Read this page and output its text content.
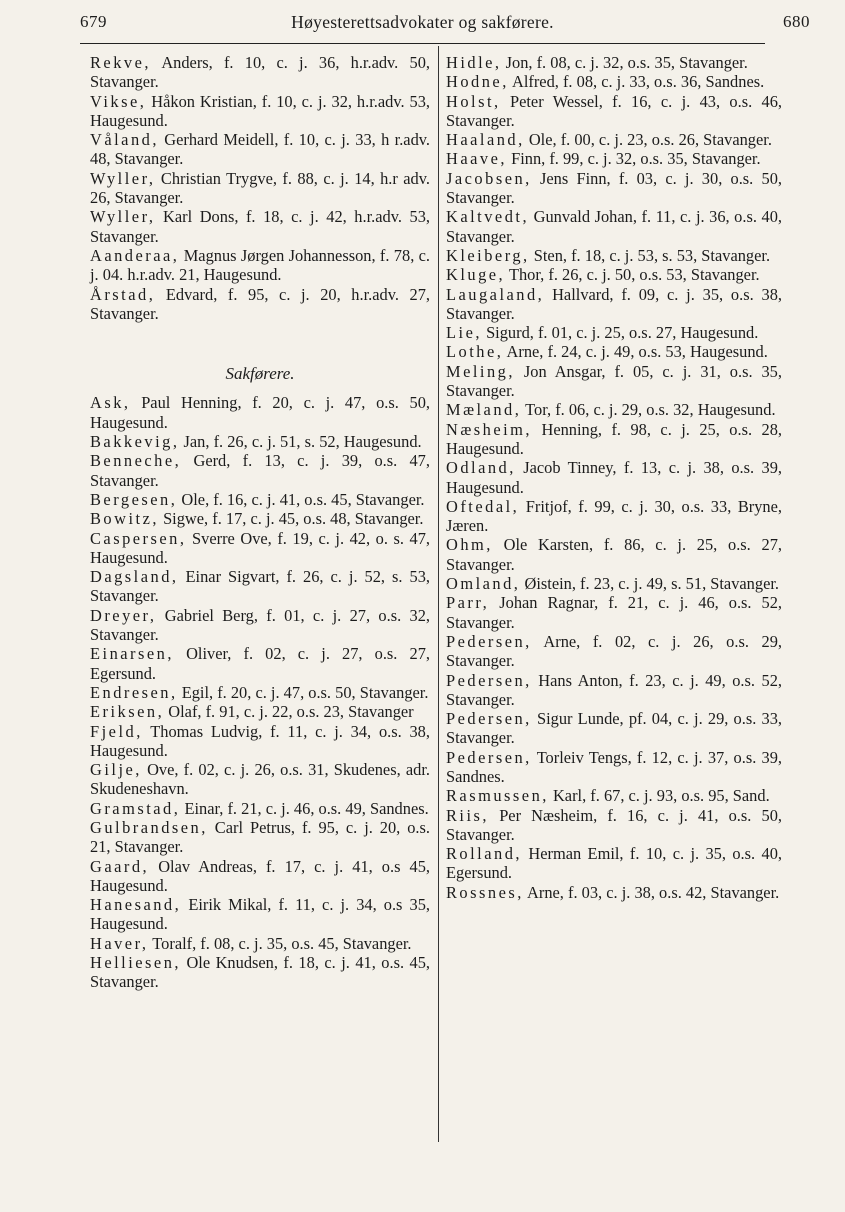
679	Høyesterettsadvokater og sakførere.	680
Rekve, Anders, f. 10, c. j. 36, h.r.adv. 50, Stavanger.
Vikse, Håkon Kristian, f. 10, c. j. 32, h.r.adv. 53, Haugesund.
Våland, Gerhard Meidell, f. 10, c. j. 33, h r.adv. 48, Stavanger.
Wyller, Christian Trygve, f. 88, c. j. 14, h.r adv. 26, Stavanger.
Wyller, Karl Dons, f. 18, c. j. 42, h.r.adv. 53, Stavanger.
Aanderaa, Magnus Jørgen Johannesson, f. 78, c. j. 04. h.r.adv. 21, Haugesund.
Årstad, Edvard, f. 95, c. j. 20, h.r.adv. 27, Stavanger.
Sakførere.
Ask, Paul Henning, f. 20, c. j. 47, o.s. 50, Haugesund.
Bakkevig, Jan, f. 26, c. j. 51, s. 52, Haugesund.
Benneche, Gerd, f. 13, c. j. 39, o.s. 47, Stavanger.
Bergesen, Ole, f. 16, c. j. 41, o.s. 45, Stavanger.
Bowitz, Sigwe, f. 17, c. j. 45, o.s. 48, Stavanger.
Caspersen, Sverre Ove, f. 19, c. j. 42, o. s. 47, Haugesund.
Dagsland, Einar Sigvart, f. 26, c. j. 52, s. 53, Stavanger.
Dreyer, Gabriel Berg, f. 01, c. j. 27, o.s. 32, Stavanger.
Einarsen, Oliver, f. 02, c. j. 27, o.s. 27, Egersund.
Endresen, Egil, f. 20, c. j. 47, o.s. 50, Stavanger.
Eriksen, Olaf, f. 91, c. j. 22, o.s. 23, Stavanger
Fjeld, Thomas Ludvig, f. 11, c. j. 34, o.s. 38, Haugesund.
Gilje, Ove, f. 02, c. j. 26, o.s. 31, Skudenes, adr. Skudeneshavn.
Gramstad, Einar, f. 21, c. j. 46, o.s. 49, Sandnes.
Gulbrandsen, Carl Petrus, f. 95, c. j. 20, o.s. 21, Stavanger.
Gaard, Olav Andreas, f. 17, c. j. 41, o.s 45, Haugesund.
Hanesand, Eirik Mikal, f. 11, c. j. 34, o.s 35, Haugesund.
Haver, Toralf, f. 08, c. j. 35, o.s. 45, Stavanger.
Helliesen, Ole Knudsen, f. 18, c. j. 41, o.s. 45, Stavanger.
Hidle, Jon, f. 08, c. j. 32, o.s. 35, Stavanger.
Hodne, Alfred, f. 08, c. j. 33, o.s. 36, Sandnes.
Holst, Peter Wessel, f. 16, c. j. 43, o.s. 46, Stavanger.
Haaland, Ole, f. 00, c. j. 23, o.s. 26, Stavanger.
Haave, Finn, f. 99, c. j. 32, o.s. 35, Stavanger.
Jacobsen, Jens Finn, f. 03, c. j. 30, o.s. 50, Stavanger.
Kaltvedt, Gunvald Johan, f. 11, c. j. 36, o.s. 40, Stavanger.
Kleiberg, Sten, f. 18, c. j. 53, s. 53, Stavanger.
Kluge, Thor, f. 26, c. j. 50, o.s. 53, Stavanger.
Laugaland, Hallvard, f. 09, c. j. 35, o.s. 38, Stavanger.
Lie, Sigurd, f. 01, c. j. 25, o.s. 27, Haugesund.
Lothe, Arne, f. 24, c. j. 49, o.s. 53, Haugesund.
Meling, Jon Ansgar, f. 05, c. j. 31, o.s. 35, Stavanger.
Mæland, Tor, f. 06, c. j. 29, o.s. 32, Haugesund.
Næsheim, Henning, f. 98, c. j. 25, o.s. 28, Haugesund.
Odland, Jacob Tinney, f. 13, c. j. 38, o.s. 39, Haugesund.
Oftedal, Fritjof, f. 99, c. j. 30, o.s. 33, Bryne, Jæren.
Ohm, Ole Karsten, f. 86, c. j. 25, o.s. 27, Stavanger.
Omland, Øistein, f. 23, c. j. 49, s. 51, Stavanger.
Parr, Johan Ragnar, f. 21, c. j. 46, o.s. 52, Stavanger.
Pedersen, Arne, f. 02, c. j. 26, o.s. 29, Stavanger.
Pedersen, Hans Anton, f. 23, c. j. 49, o.s. 52, Stavanger.
Pedersen, Sigur Lunde, pf. 04, c. j. 29, o.s. 33, Stavanger.
Pedersen, Torleiv Tengs, f. 12, c. j. 37, o.s. 39, Sandnes.
Rasmussen, Karl, f. 67, c. j. 93, o.s. 95, Sand.
Riis, Per Næsheim, f. 16, c. j. 41, o.s. 50, Stavanger.
Rolland, Herman Emil, f. 10, c. j. 35, o.s. 40, Egersund.
Rossnes, Arne, f. 03, c. j. 38, o.s. 42, Stavanger.
